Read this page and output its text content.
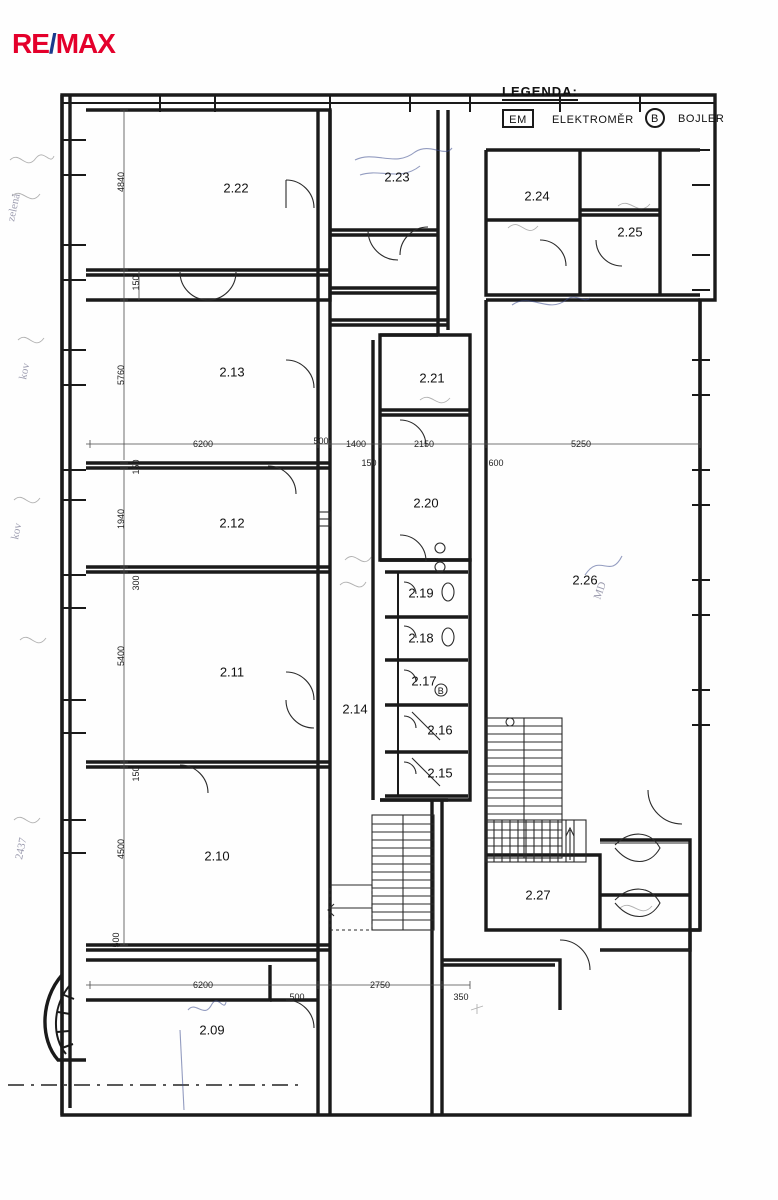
RE/MAX
B
zelená
kov
kov
2437
MD
LEGENDA:
EM ELEKTROMĚR B BOJLER
2.22
2.23
2.24
2.25
2.13	2.21
2.12
2.20
2.26
2.19
2.18
2.11
2.17
2.14
2.16
2.15
2.10
2.27
2.09
4840
150
5760
150
1940
300
5400
150
4500
500
6200	500 1400
150
2150
600
5250
6200
500
2750
350
